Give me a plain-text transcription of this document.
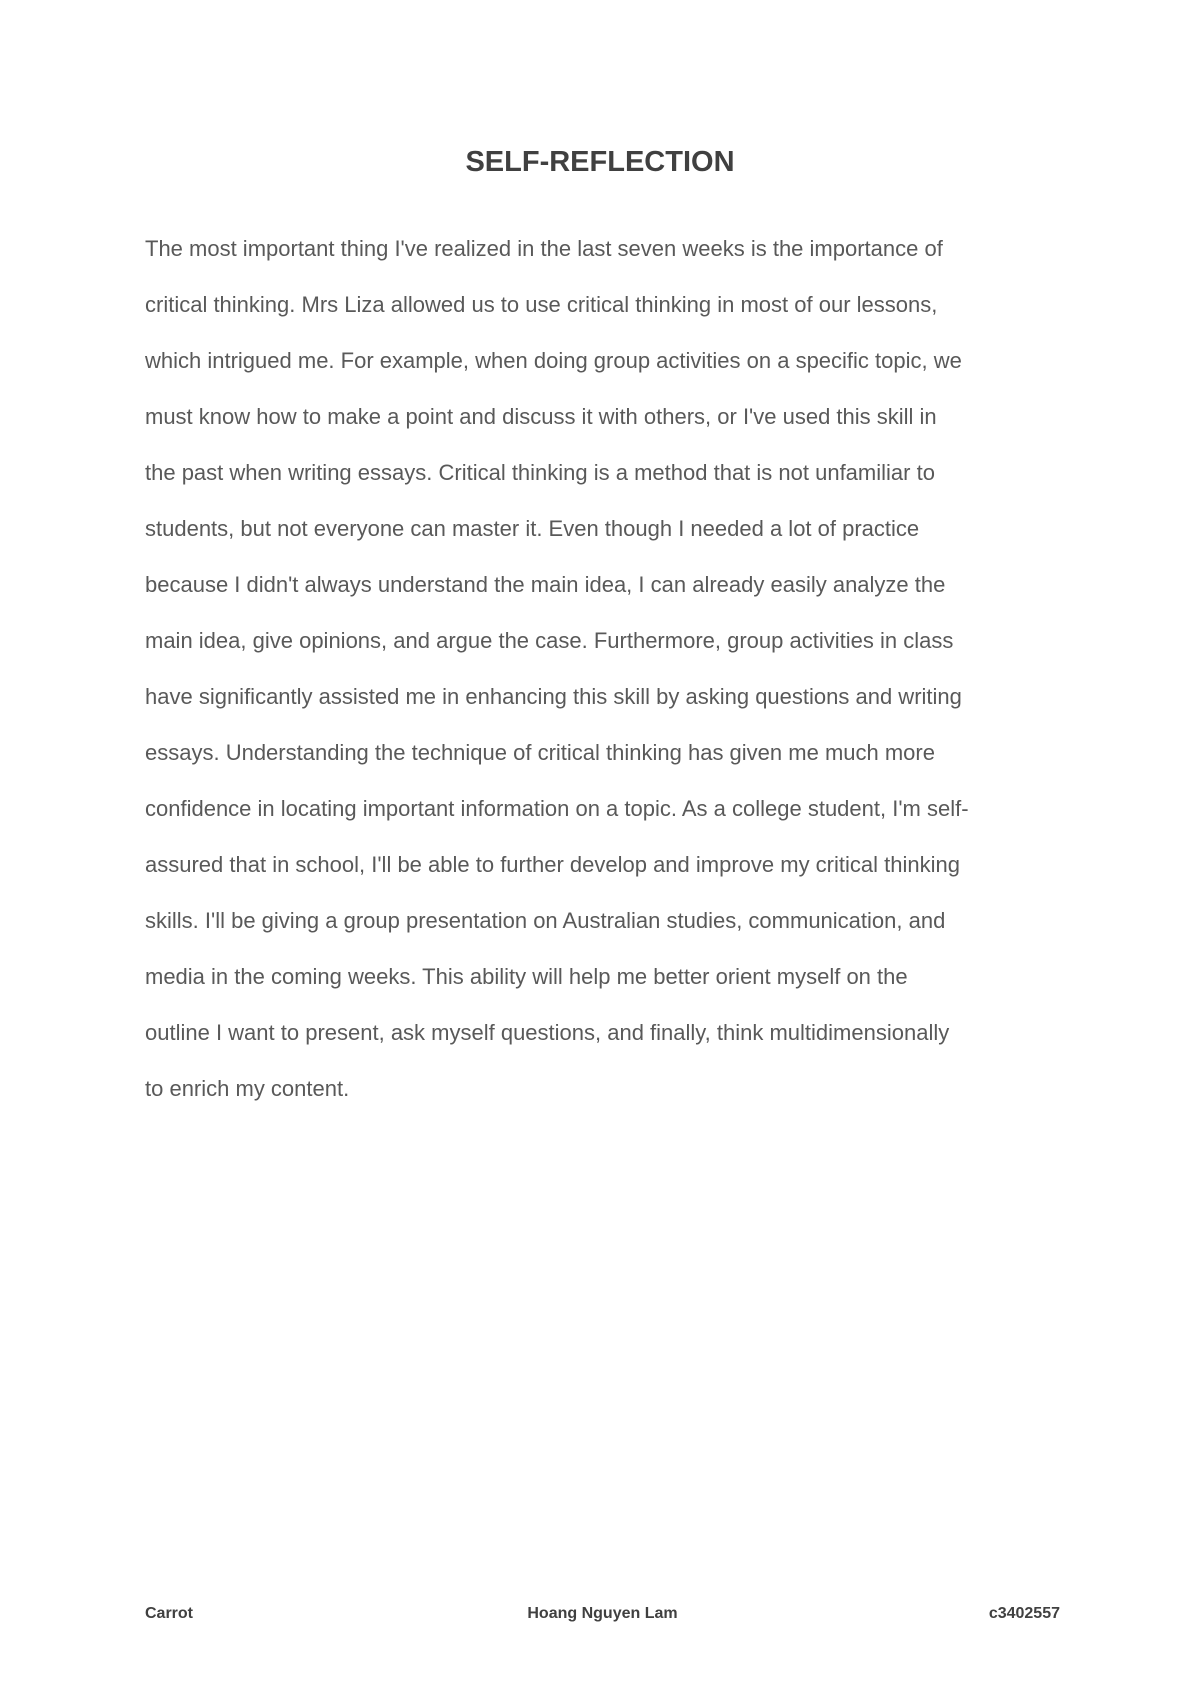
SELF-REFLECTION
The most important thing I've realized in the last seven weeks is the importance of
critical thinking. Mrs Liza allowed us to use critical thinking in most of our lessons,
which intrigued me. For example, when doing group activities on a specific topic, we
must know how to make a point and discuss it with others, or I've used this skill in
the past when writing essays. Critical thinking is a method that is not unfamiliar to
students, but not everyone can master it. Even though I needed a lot of practice
because I didn't always understand the main idea, I can already easily analyze the
main idea, give opinions, and argue the case. Furthermore, group activities in class
have significantly assisted me in enhancing this skill by asking questions and writing
essays. Understanding the technique of critical thinking has given me much more
confidence in locating important information on a topic. As a college student, I'm self-
assured that in school, I'll be able to further develop and improve my critical thinking
skills. I'll be giving a group presentation on Australian studies, communication, and
media in the coming weeks. This ability will help me better orient myself on the
outline I want to present, ask myself questions, and finally, think multidimensionally
to enrich my content.
Carrot	Hoang Nguyen Lam	c3402557
